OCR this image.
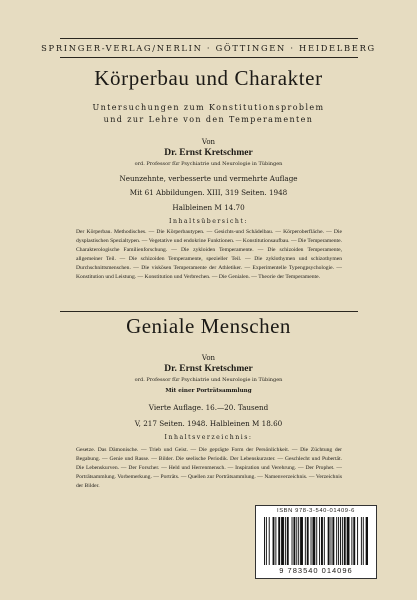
SPRINGER-VERLAG/NERLIN · GÖTTINGEN · HEIDELBERG
Körperbau und Charakter
Untersuchungen zum Konstitutionsproblem
und zur Lehre von den Temperamenten
Von
Dr. Ernst Kretschmer
ord. Professor für Psychiatrie und Neurologie in Tübingen
Neunzehnte, verbesserte und vermehrte Auflage
Mit 61 Abbildungen. XIII, 319 Seiten. 1948
Halbleinen M 14.70
Inhaltsübersicht:
Der Körperbau. Methodisches. — Die Körperbautypen. — Gesichts-und Schädelbau. — Körperoberfläche. — Die dysplastischen Spezialtypen. — Vegetative und endokrine Funktionen. — Konstitutionsaufbau. — Die Temperamente. Charakterologische Familienforschung. — Die zykloiden Temperamente. — Die schizoiden Temperamente, allgemeiner Teil. — Die schizoiden Temperamente, spezieller Teil. — Die zyklothymen und schizothymen Durchschnittsmenschen. — Die viskösen Temperamente der Athletiker. — Experimentelle Typengpsychologie. — Konstitution und Leistung. — Konstitution und Verbrechen. — Die Genialen. — Theorie der Temperamente.
Geniale Menschen
Von
Dr. Ernst Kretschmer
ord. Professor für Psychiatrie und Neurologie in Tübingen
Mit einer Porträtsammlung
Vierte Auflage. 16.—20. Tausend
V, 217 Seiten. 1948. Halbleinen M 18.60
Inhaltsverzeichnis:
Gesetze. Das Dämonische. — Trieb und Geist. — Die geprägte Form der Persönlichkeit. — Die Züchtung der Begabung. — Genie und Rasse. — Bilder. Die seelische Periodik. Der Lebenskurzster. — Geschlecht und Pubertät. Die Lebenskurven. — Der Forscher. — Held und Herrenmensch. — Inspiration und Verehrung. — Der Prophet. — Porträtsammlung. Vorbemerkung. — Porträts. — Quellen zur Porträtsammlung. — Namenverzeichnis. — Verzeichnis der Bilder.
ISBN 978-3-540-01409-6
9 783540 014096
